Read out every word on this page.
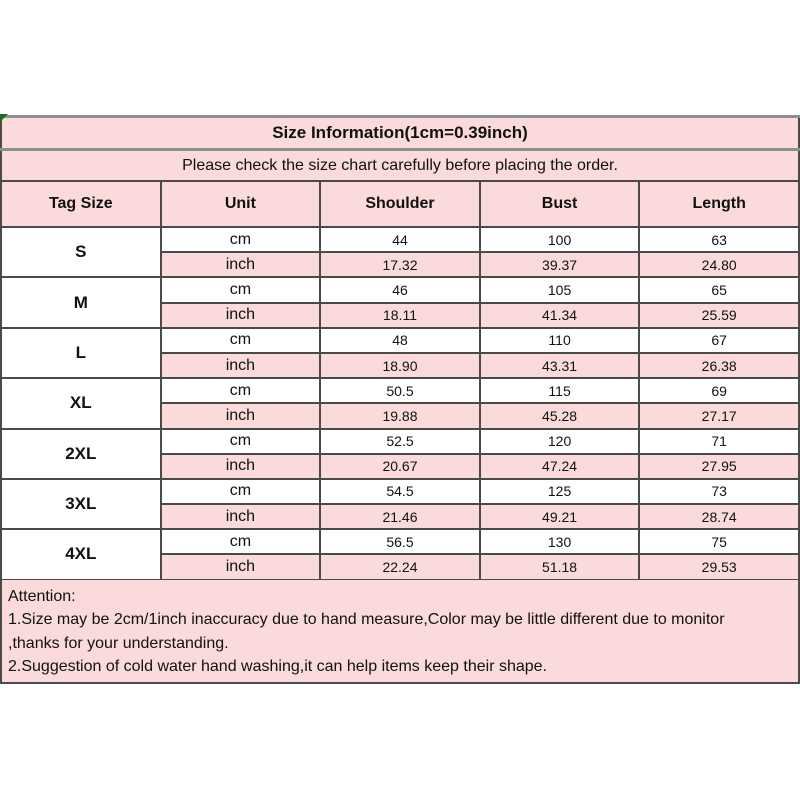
Size Information(1cm=0.39inch)				
Please check the size chart carefully before placing the order.				
Tag Size	Unit	Shoulder	Bust	Length
S	cm	44	100	63
	inch	17.32	39.37	24.80
M	cm	46	105	65
	inch	18.11	41.34	25.59
L	cm	48	110	67
	inch	18.90	43.31	26.38
XL	cm	50.5	115	69
	inch	19.88	45.28	27.17
2XL	cm	52.5	120	71
	inch	20.67	47.24	27.95
3XL	cm	54.5	125	73
	inch	21.46	49.21	28.74
4XL	cm	56.5	130	75
	inch	22.24	51.18	29.53
Attention:
1.Size may be 2cm/1inch inaccuracy due to hand measure,Color may be little different due to monitor
,thanks for your understanding.
2.Suggestion of cold water hand washing,it can help items keep their shape.
